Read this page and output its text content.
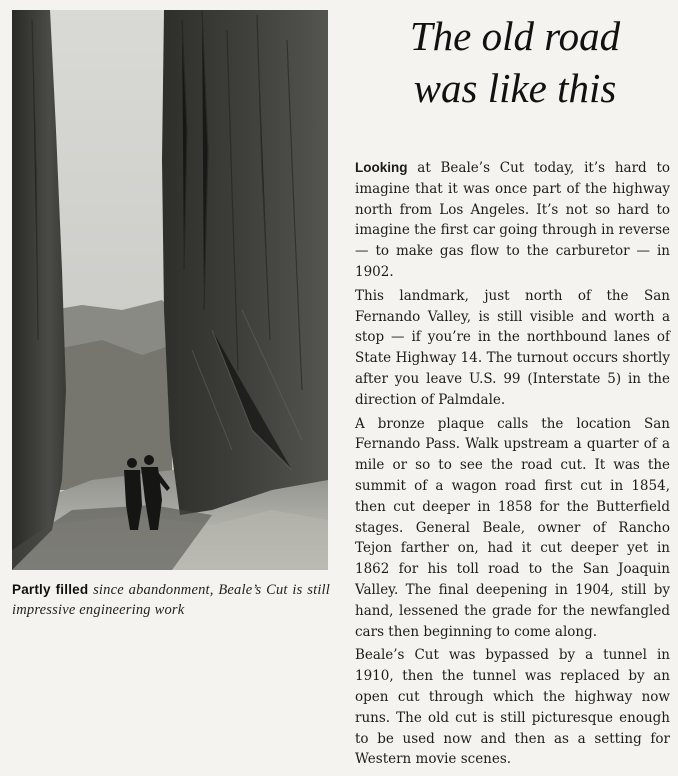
Partly filled since abandonment, Beale’s Cut is still impressive engineering work
The old road
was like this

Looking at Beale’s Cut today, it’s hard to imagine that it was once part of the highway north from Los Angeles. It’s not so hard to imagine the first car going through in reverse — to make gas flow to the carburetor — in 1902.

This landmark, just north of the San Fernando Valley, is still visible and worth a stop — if you’re in the northbound lanes of State Highway 14. The turnout occurs shortly after you leave U.S. 99 (Interstate 5) in the direction of Palmdale.

A bronze plaque calls the location San Fernando Pass. Walk upstream a quarter of a mile or so to see the road cut. It was the summit of a wagon road first cut in 1854, then cut deeper in 1858 for the Butterfield stages. General Beale, owner of Rancho Tejon farther on, had it cut deeper yet in 1862 for his toll road to the San Joaquin Valley. The final deepening in 1904, still by hand, lessened the grade for the newfangled cars then beginning to come along.

Beale’s Cut was bypassed by a tunnel in 1910, then the tunnel was replaced by an open cut through which the highway now runs. The old cut is still picturesque enough to be used now and then as a setting for Western movie scenes.
